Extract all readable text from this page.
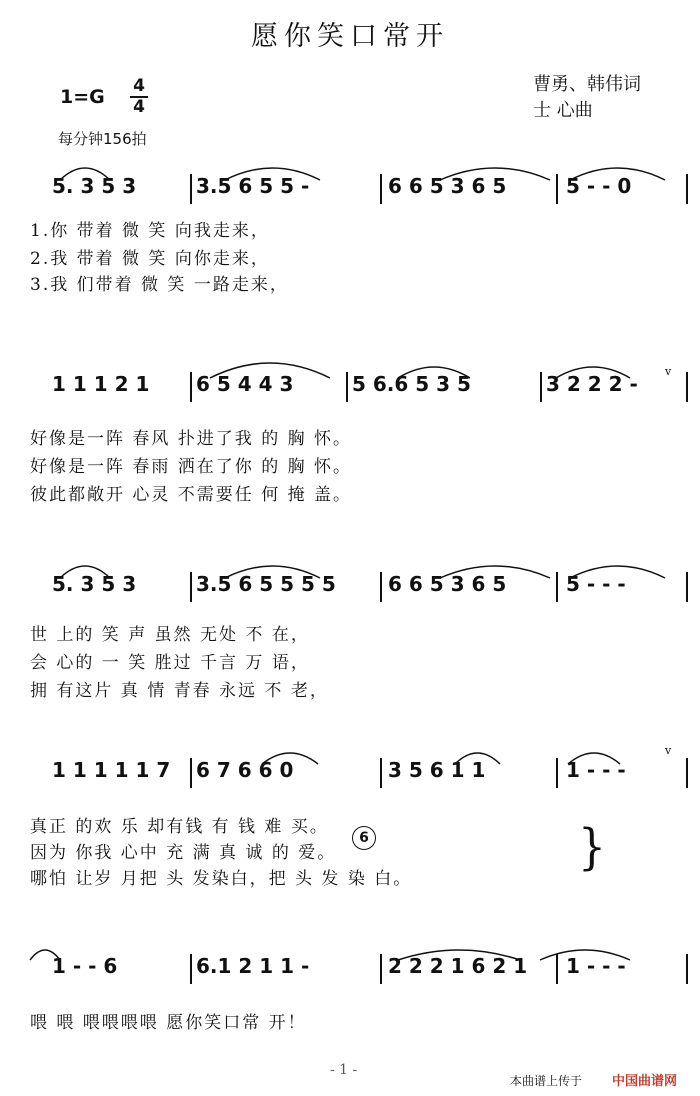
愿你笑口常开
1=G 4
4
每分钟156拍
曹勇、韩伟词
士 心曲
5. 3 5 3	3.5 6 5 5 -	6 6 5 3 6 5	5 - - 0
1 1 1 2 1 6 5 4 4 3	5 6.6 5 3 5	3 2 2 2 -
5. 3 5 3	3.5 6 5 5 5 5	6 6 5 3 6 5	5 - - -
1 1 1 1 1 7 6 7 6 6 0	3 5 6 1 1	1 - - -
1 - - 6	6.1 2 1 1 -	2 2 2 1 6 2 1 1 - - -
1.你 带着 微 笑 向我走来，
2.我 带着 微 笑 向你走来，
3.我 们带着 微 笑 一路走来，
好像是一阵 春风 扑进了我 的 胸 怀。
好像是一阵 春雨 洒在了你 的 胸 怀。
彼此都敞开 心灵 不需要任 何 掩 盖。
世 上的 笑 声 虽然 无处 不 在，
会 心的 一 笑 胜过 千言 万 语，
拥 有这片 真 情 青春 永远 不 老，
真正 的欢 乐 却有钱 有 钱 难 买。
因为 你我 心中 充 满 真 诚 的 爱。
哪怕 让岁 月把 头 发染白，把 头 发 染 白。
喂 喂 喂喂喂喂 愿你笑口常 开！
6	}
v
v
- 1 -
本曲谱上传于 中国曲谱网
